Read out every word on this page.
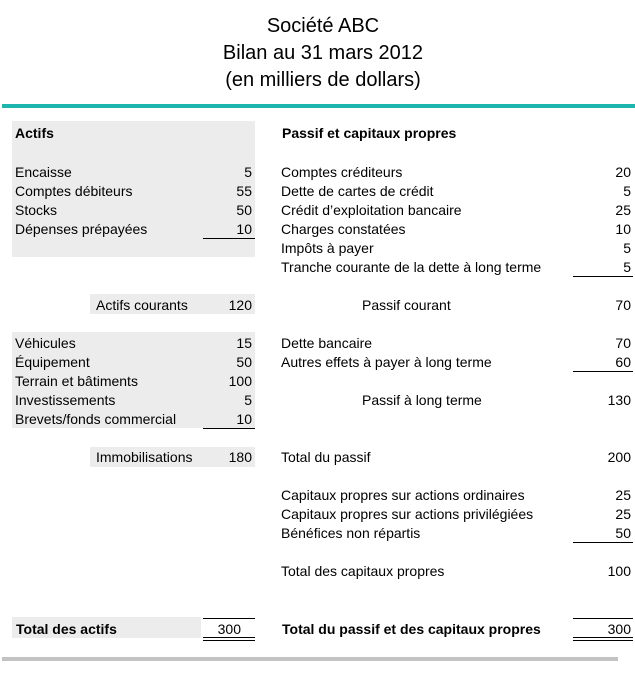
Société ABC
Bilan au 31 mars 2012
(en milliers de dollars)
Actifs
Encaisse	5
Comptes débiteurs	55
Stocks	50
Dépenses prépayées	10
Actifs courants	120
Véhicules	15
Équipement	50
Terrain et bâtiments	100
Investissements	5
Brevets/fonds commercial	10
Immobilisations	180
Total des actifs	300
Passif et capitaux propres
Comptes créditeurs	20
Dette de cartes de crédit	5
Crédit d’exploitation bancaire	25
Charges constatées	10
Impôts à payer	5
Tranche courante de la dette à long terme	5
Passif courant	70
Dette bancaire	70
Autres effets à payer à long terme	60
Passif à long terme	130
Total du passif	200
Capitaux propres sur actions ordinaires	25
Capitaux propres sur actions privilégiées	25
Bénéfices non répartis	50
Total des capitaux propres	100
Total du passif et des capitaux propres	300
